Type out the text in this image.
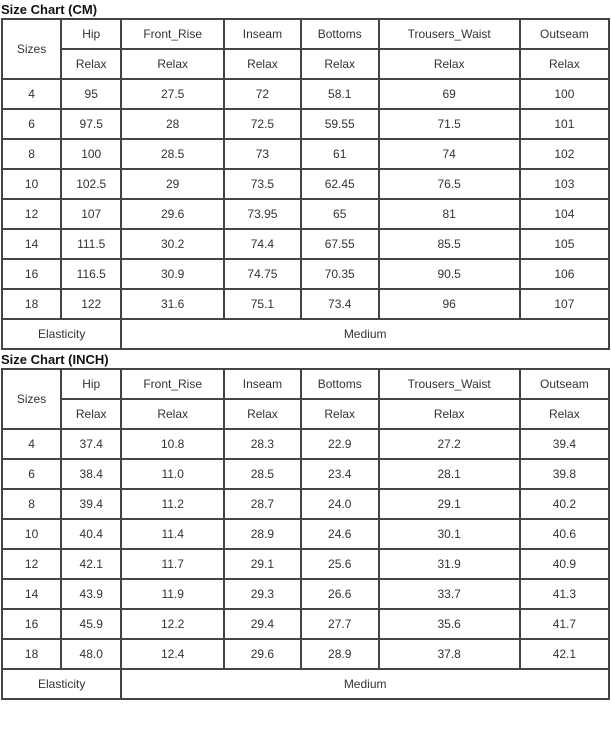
Size Chart (CM)
Sizes	Hip	Front_Rise	Inseam	Bottoms	Trousers_Waist	Outseam
	Relax	Relax	Relax	Relax	Relax	Relax
4	95	27.5	72	58.1	69	100
6	97.5	28	72.5	59.55	71.5	101
8	100	28.5	73	61	74	102
10	102.5	29	73.5	62.45	76.5	103
12	107	29.6	73.95	65	81	104
14	111.5	30.2	74.4	67.55	85.5	105
16	116.5	30.9	74.75	70.35	90.5	106
18	122	31.6	75.1	73.4	96	107
Elasticity		Medium				
Size Chart (INCH)
Sizes	Hip	Front_Rise	Inseam	Bottoms	Trousers_Waist	Outseam
	Relax	Relax	Relax	Relax	Relax	Relax
4	37.4	10.8	28.3	22.9	27.2	39.4
6	38.4	11.0	28.5	23.4	28.1	39.8
8	39.4	11.2	28.7	24.0	29.1	40.2
10	40.4	11.4	28.9	24.6	30.1	40.6
12	42.1	11.7	29.1	25.6	31.9	40.9
14	43.9	11.9	29.3	26.6	33.7	41.3
16	45.9	12.2	29.4	27.7	35.6	41.7
18	48.0	12.4	29.6	28.9	37.8	42.1
Elasticity		Medium				
